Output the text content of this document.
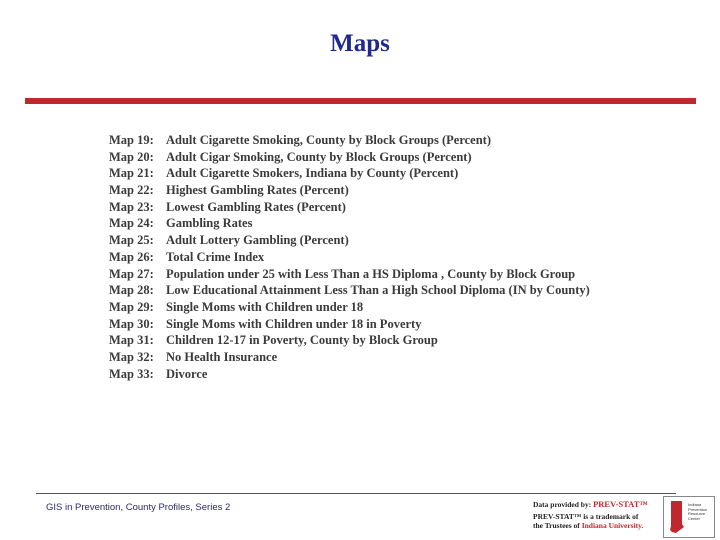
Maps
Map 19: Adult Cigarette Smoking, County by Block Groups (Percent)
Map 20: Adult Cigar Smoking, County by Block Groups (Percent)
Map 21: Adult Cigarette Smokers, Indiana by County (Percent)
Map 22: Highest Gambling Rates (Percent)
Map 23: Lowest Gambling Rates (Percent)
Map 24: Gambling Rates
Map 25: Adult Lottery Gambling (Percent)
Map 26: Total Crime Index
Map 27: Population under 25 with Less Than a HS Diploma , County by Block Group
Map 28: Low Educational Attainment Less Than a High School Diploma (IN by County)
Map 29: Single Moms with Children under 18
Map 30: Single Moms with Children under 18 in Poverty
Map 31: Children 12-17 in Poverty, County by Block Group
Map 32: No Health Insurance
Map 33: Divorce
GIS in Prevention, County Profiles, Series 2	Data provided by: PREV-STAT™
PREV-STAT™ is a trademark of
the Trustees of Indiana University.
Indiana
Prevention
Resource
Center
